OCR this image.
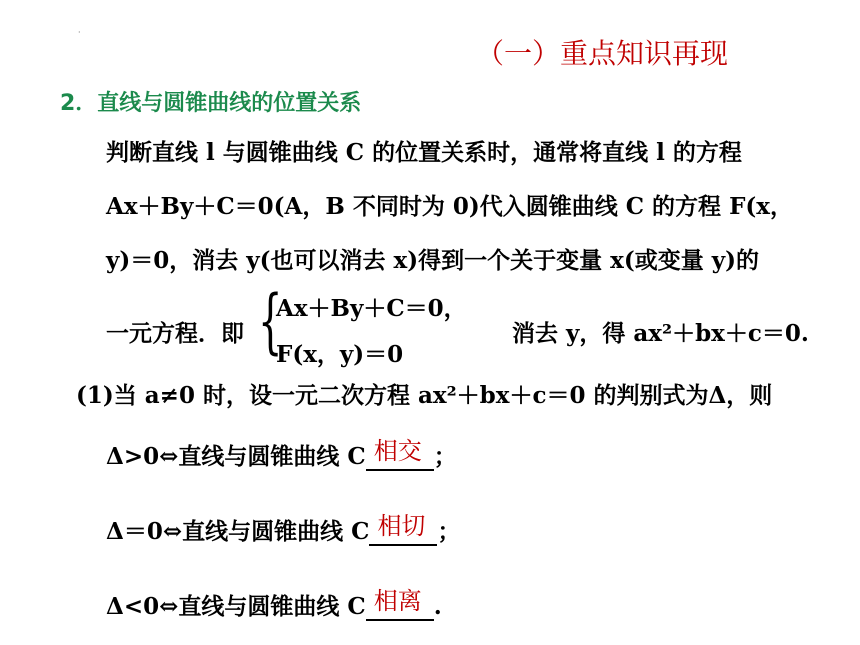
·
（一）重点知识再现
2．直线与圆锥曲线的位置关系
判断直线 l 与圆锥曲线 C 的位置关系时，通常将直线 l 的方程
Ax＋By＋C＝0(A，B 不同时为 0)代入圆锥曲线 C 的方程 F(x，
y)＝0，消去 y(也可以消去 x)得到一个关于变量 x(或变量 y)的
一元方程．即 {
Ax＋By＋C＝0，
F(x，y)＝0
消去 y，得 ax²＋bx＋c＝0.
(1)当 a≠0 时，设一元二次方程 ax²＋bx＋c＝0 的判别式为Δ，则
Δ>0⇔直线与圆锥曲线 C 相交 ；
Δ＝0⇔直线与圆锥曲线 C 相切 ；
Δ<0⇔直线与圆锥曲线 C 相离 .
